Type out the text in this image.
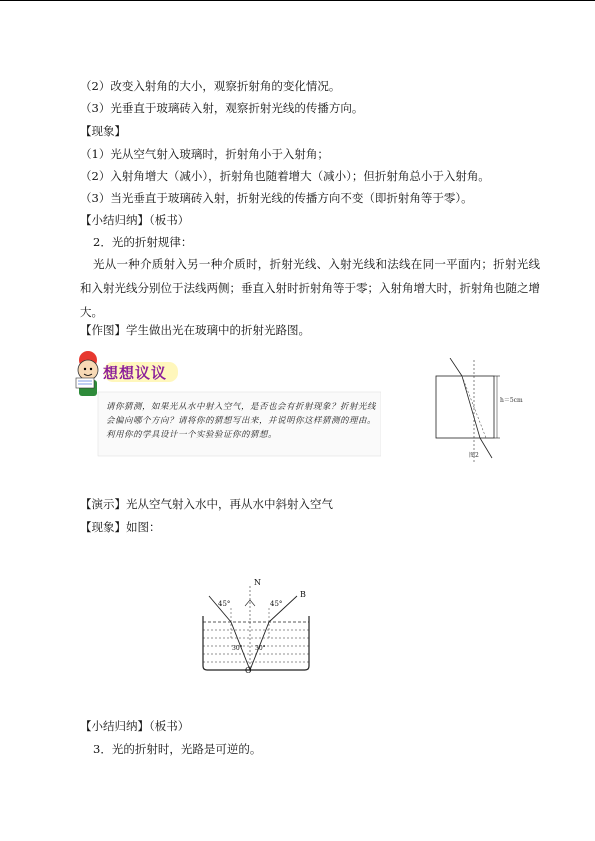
（2）改变入射角的大小，观察折射角的变化情况。
（3）光垂直于玻璃砖入射，观察折射光线的传播方向。
【现象】
（1）光从空气射入玻璃时，折射角小于入射角；
（2）入射角增大（减小），折射角也随着增大（减小）；但折射角总小于入射角。
（3）当光垂直于玻璃砖入射，折射光线的传播方向不变（即折射角等于零）。
【小结归纳】（板书）
2．光的折射规律：
光从一种介质射入另一种介质时，折射光线、入射光线和法线在同一平面内；折射光线和入射光线分别位于法线两侧；垂直入射时折射角等于零；入射角增大时，折射角也随之增大。
【作图】学生做出光在玻璃中的折射光路图。
想想议议
请你猜测，如果光从水中射入空气，是否也会有折射现象？折射光线会偏向哪个方向？请将你的猜想写出来，并说明你这样猜测的理由。利用你的学具设计一个实验验证你的猜想。
h＝5cm
图2
【演示】光从空气射入水中，再从水中斜射入空气
【现象】如图：
N
B
O
45°	45°
30° 30°
【小结归纳】（板书）
3．光的折射时，光路是可逆的。
